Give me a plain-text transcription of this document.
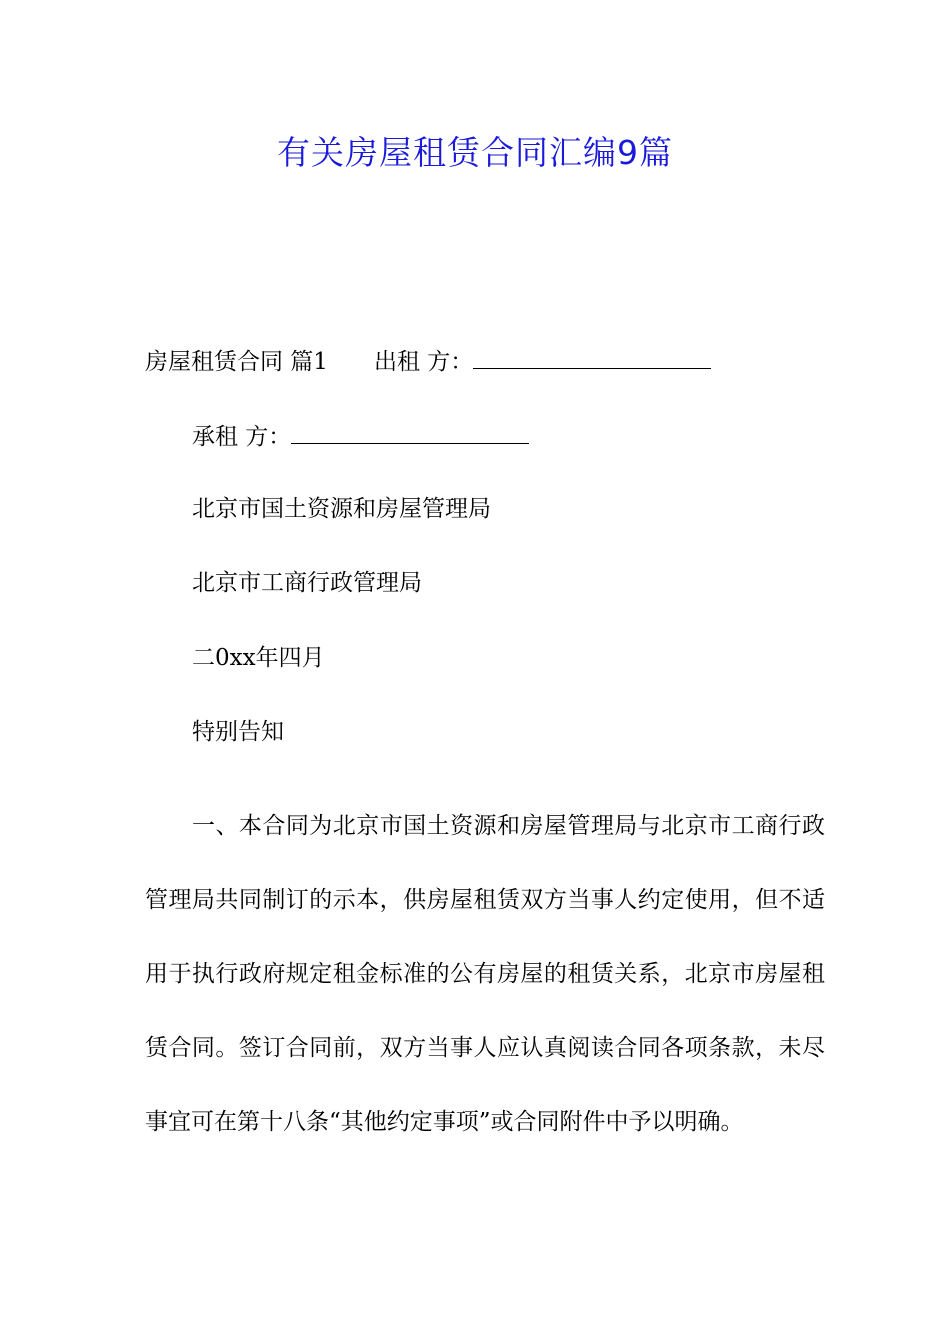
有关房屋租赁合同汇编9篇
房屋租赁合同 篇1 出租 方：
承租 方：
北京市国土资源和房屋管理局
北京市工商行政管理局
二0xx年四月
特别告知
一、本合同为北京市国土资源和房屋管理局与北京市工商行政管理局共同制订的示本，供房屋租赁双方当事人约定使用，但不适用于执行政府规定租金标准的公有房屋的租赁关系，北京市房屋租赁合同。签订合同前，双方当事人应认真阅读合同各项条款，未尽事宜可在第十八条“其他约定事项”或合同附件中予以明确。
